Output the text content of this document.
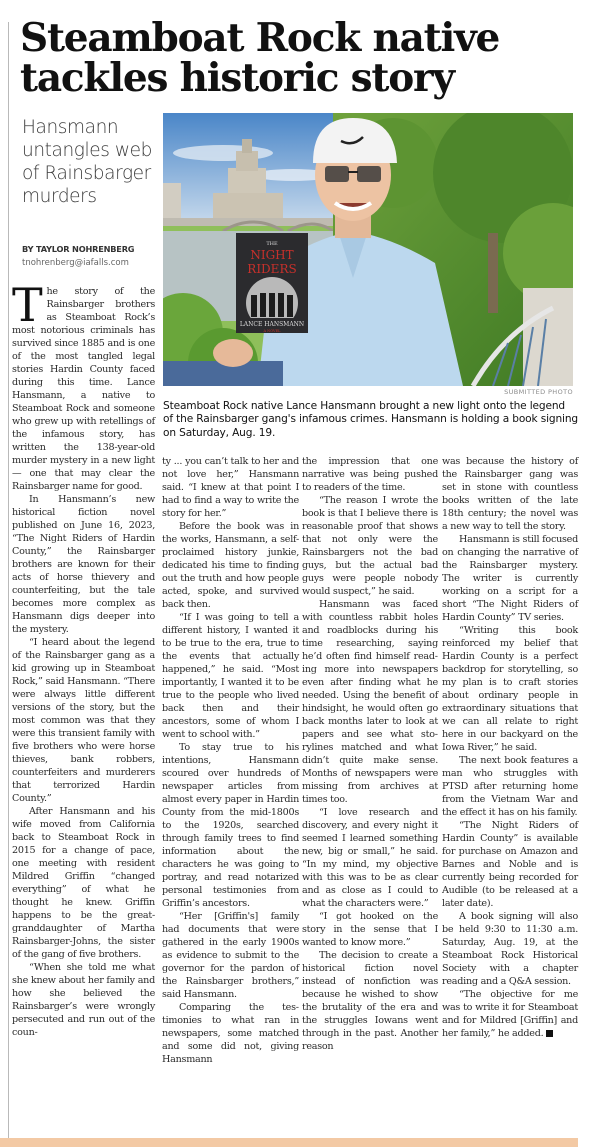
Steamboat Rock native tackles historic story
Hansmann untangles web of Rainsbarger murders
BY TAYLOR NOHRENBERG
tnohrenberg@iafalls.com
THE
NIGHT
RIDERS
LANCE HANSMANN
A NOVEL
SUBMITTED PHOTO
Steamboat Rock native Lance Hansmann brought a new light onto the legend of the Rainsbarger gang's infamous crimes. Hansmann is holding a book signing on Saturday, Aug. 19.

The story of the Rainsbarger brothers as Steamboat Rock’s most notorious criminals has survived since 1885 and is one of the most tangled legal stories Hardin County faced during this time. Lance Hansmann, a native to Steamboat Rock and someone who grew up with retellings of the infamous story, has written the 138-year-old murder mystery in a new light — one that may clear the Rainsbarger name for good.

In Hansmann’s new historical fiction novel published on June 16, 2023, “The Night Riders of Hardin County,” the Rainsbarger brothers are known for their acts of horse thievery and counterfeiting, but the tale becomes more complex as Hansmann digs deeper into the mystery.

“I heard about the legend of the Rainsbarger gang as a kid growing up in Steamboat Rock,” said Hansmann. “There were always little different versions of the story, but the most common was that they were this transient family with five brothers who were horse thieves, bank robbers, counterfeiters and murderers that terrorized Hardin County.”

After Hansmann and his wife moved from California back to Steamboat Rock in 2015 for a change of pace, one meeting with resident Mildred Griffin “changed everything” of what he thought he knew. Griffin happens to be the great-granddaughter of Martha Rainsbarger-Johns, the sister of the gang of five brothers.

“When she told me what she knew about her family and how she believed the Rainsbarger’s were wrongly persecuted and run out of the coun-

ty ... you can’t talk to her and not love her,” Hansmann said. “I knew at that point I had to find a way to write the story for her.”

Before the book was in the works, Hansmann, a self-proclaimed history junkie, dedicated his time to finding out the truth and how people acted, spoke, and survived back then.

“If I was going to tell a different history, I wanted it to be true to the era, true to the events that actually happened,” he said. “Most importantly, I wanted it to be true to the people who lived back then and their ancestors, some of whom I went to school with.”

To stay true to his intentions, Hansmann scoured over hundreds of newspaper articles from almost every paper in Hardin County from the mid-1800s to the 1920s, searched through family trees to find information about the characters he was going to portray, and read notarized personal testimonies from Griffin’s ancestors.

“Her [Griffin's] family had documents that were gathered in the early 1900s as evidence to submit to the governor for the pardon of the Rainsbarger brothers,” said Hansmann.

Comparing the testimonies to what ran in newspapers, some matched and some did not, giving Hansmann

the impression that one narrative was being pushed to readers of the time.

“The reason I wrote the book is that I believe there is reasonable proof that shows that not only were the Rainsbargers not the bad guys, but the actual bad guys were people nobody would suspect,” he said.

Hansmann was faced with countless rabbit holes and roadblocks during his time researching, saying he’d often find himself reading more into newspapers even after finding what he needed. Using the benefit of hindsight, he would often go back months later to look at papers and see what storylines matched and what didn’t quite make sense. Months of newspapers were missing from archives at times too.

“I love research and discovery, and every night it seemed I learned something new, big or small,” he said. “In my mind, my objective with this was to be as clear and as close as I could to what the characters were.”

“I got hooked on the story in the sense that I wanted to know more.”

The decision to create a historical fiction novel instead of nonfiction was because he wished to show the brutality of the era and the struggles Iowans went through in the past. Another reason

was because the history of the Rainsbarger gang was set in stone with countless books written of the late 18th century; the novel was a new way to tell the story.

Hansmann is still focused on changing the narrative of the Rainsbarger mystery. The writer is currently working on a script for a short “The Night Riders of Hardin County” TV series.

“Writing this book reinforced my belief that Hardin County is a perfect backdrop for storytelling, so my plan is to craft stories about ordinary people in extraordinary situations that we can all relate to right here in our backyard on the Iowa River,” he said.

The next book features a man who struggles with PTSD after returning home from the Vietnam War and the effect it has on his family.

“The Night Riders of Hardin County” is available for purchase on Amazon and Barnes and Noble and is currently being recorded for Audible (to be released at a later date).

A book signing will also be held 9:30 to 11:30 a.m. Saturday, Aug. 19, at the Steamboat Rock Historical Society with a chapter reading and a Q&A session.

“The objective for me was to write it for Steamboat and for Mildred [Griffin] and her family,” he added.
